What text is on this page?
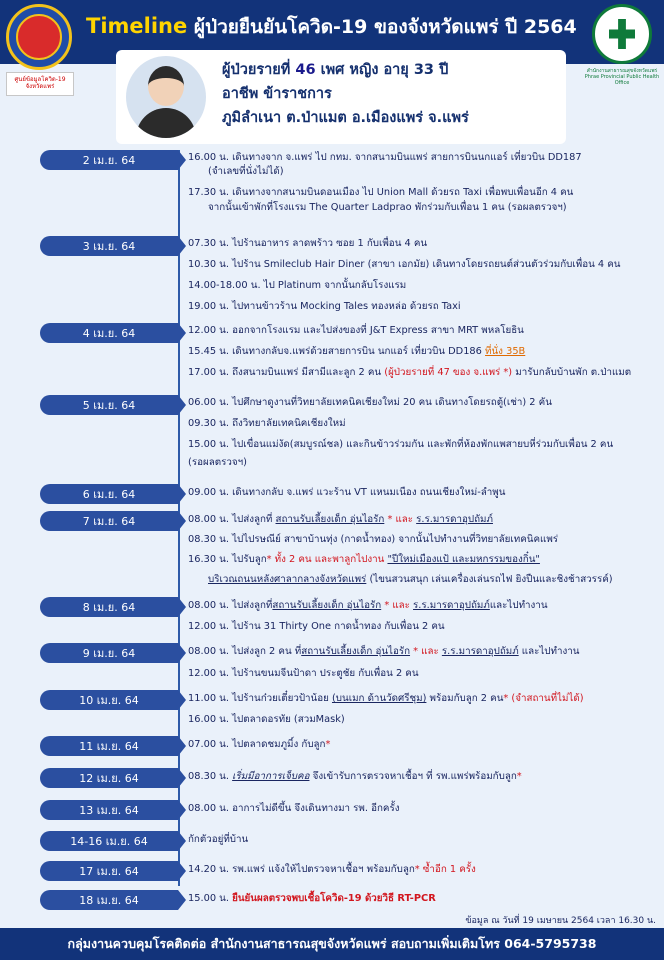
Timeline ผู้ป่วยยืนยันโควิด-19 ของจังหวัดแพร่ ปี 2564
ศูนย์ข้อมูลโควิด-19 จังหวัดแพร่
สำนักงานสาธารณสุขจังหวัดแพร่ Phrae Provincial Public Health Office
ผู้ป่วยรายที่ 46 เพศ หญิง อายุ 33 ปี
อาชีพ ข้าราชการ
ภูมิลำเนา ต.ป่าแมต อ.เมืองแพร่ จ.แพร่
2 เม.ย. 64	16.00 น. เดินทางจาก จ.แพร่ ไป กทม. จากสนามบินแพร่ สายการบินนกแอร์ เที่ยวบิน DD187
(จำเลขที่นั่งไม่ได้)
17.30 น. เดินทางจากสนามบินดอนเมือง ไป Union Mall ด้วยรถ Taxi เพื่อพบเพื่อนอีก 4 คน
จากนั้นเข้าพักที่โรงแรม The Quarter Ladprao พักร่วมกับเพื่อน 1 คน (รอผลตรวจฯ)
3 เม.ย. 64	07.30 น. ไปร้านอาหาร ลาดพร้าว ซอย 1 กับเพื่อน 4 คน
10.30 น. ไปร้าน Smileclub Hair Diner (สาขา เอกมัย) เดินทางโดยรถยนต์ส่วนตัวร่วมกับเพื่อน 4 คน
14.00-18.00 น. ไป Platinum จากนั้นกลับโรงแรม
19.00 น. ไปทานข้าวร้าน Mocking Tales ทองหล่อ ด้วยรถ Taxi
4 เม.ย. 64	12.00 น. ออกจากโรงแรม และไปส่งของที่ J&T Express สาขา MRT พหลโยธิน
15.45 น. เดินทางกลับจ.แพร่ด้วยสายการบิน นกแอร์ เที่ยวบิน DD186 ที่นั่ง 35B
17.00 น. ถึงสนามบินแพร่ มีสามีและลูก 2 คน (ผู้ป่วยรายที่ 47 ของ จ.แพร่ *) มารับกลับบ้านพัก ต.ป่าแมต
5 เม.ย. 64	06.00 น. ไปศึกษาดูงานที่วิทยาลัยเทคนิคเชียงใหม่ 20 คน เดินทางโดยรถตู้(เช่า) 2 คัน
09.30 น. ถึงวิทยาลัยเทคนิคเชียงใหม่
15.00 น. ไปเขื่อนแม่งัด(สมบูรณ์ชล) และกินข้าวร่วมกัน และพักที่ห้องพักแพสายบหี่ร่วมกับเพื่อน 2 คน
(รอผลตรวจฯ)
6 เม.ย. 64	09.00 น. เดินทางกลับ จ.แพร่ แวะร้าน VT แหนมเนือง ถนนเชียงใหม่-ลำพูน
7 เม.ย. 64	08.00 น. ไปส่งลูกที่ สถานรับเลี้ยงเด็ก อุ่นไอรัก * และ ร.ร.มารดาอุปถัมภ์
08.30 น. ไปไปรษณีย์ สาขาบ้านทุ่ง (กาดน้ำทอง) จากนั้นไปทำงานที่วิทยาลัยเทคนิคแพร่
16.30 น. ไปรับลูก* ทั้ง 2 คน และพาลูกไปงาน "ปีใหม่เมืองแป้ และมหกรรมของกิ๋น"
บริเวณถนนหลังศาลากลางจังหวัดแพร่ (ไขนสวนสนุก เล่นเครื่องเล่นรถไฟ ยิงปืนและชิงช้าสวรรค์)
8 เม.ย. 64	08.00 น. ไปส่งลูกที่สถานรับเลี้ยงเด็ก อุ่นไอรัก * และ ร.ร.มารดาอุปถัมภ์และไปทำงาน
12.00 น. ไปร้าน 31 Thirty One กาดน้ำทอง กับเพื่อน 2 คน
9 เม.ย. 64	08.00 น. ไปส่งลูก 2 คน ที่สถานรับเลี้ยงเด็ก อุ่นไอรัก * และ ร.ร.มารดาอุปถัมภ์ และไปทำงาน
12.00 น. ไปร้านขนมจีนป้าดา ประตูชัย กับเพื่อน 2 คน
10 เม.ย. 64	11.00 น. ไปร้านก๋วยเตี๋ยวป้าน้อย (บนเมก ด้านวัดศรีชุม) พร้อมกับลูก 2 คน* (จำสถานที่ไม่ได้)
16.00 น. ไปตลาดอรทัย (สวมMask)
11 เม.ย. 64	07.00 น. ไปตลาดชมภูมิ์ง กับลูก*
12 เม.ย. 64	08.30 น. เริ่มมีอาการเจ็บคอ จึงเข้ารับการตรวจหาเชื้อฯ ที่ รพ.แพร่พร้อมกับลูก*
13 เม.ย. 64	08.00 น. อาการไม่ดีขึ้น จึงเดินทางมา รพ. อีกครั้ง
14-16 เม.ย. 64	กักตัวอยู่ที่บ้าน
17 เม.ย. 64	14.20 น. รพ.แพร่ แจ้งให้ไปตรวจหาเชื้อฯ พร้อมกับลูก* ซ้ำอีก 1 ครั้ง
18 เม.ย. 64	15.00 น. ยืนยันผลตรวจพบเชื้อโควิด-19 ด้วยวิธี RT-PCR
ข้อมูล ณ วันที่ 19 เมษายน 2564 เวลา 16.30 น.
กลุ่มงานควบคุมโรคติดต่อ สำนักงานสาธารณสุขจังหวัดแพร่ สอบถามเพิ่มเติมโทร 064-5795738
